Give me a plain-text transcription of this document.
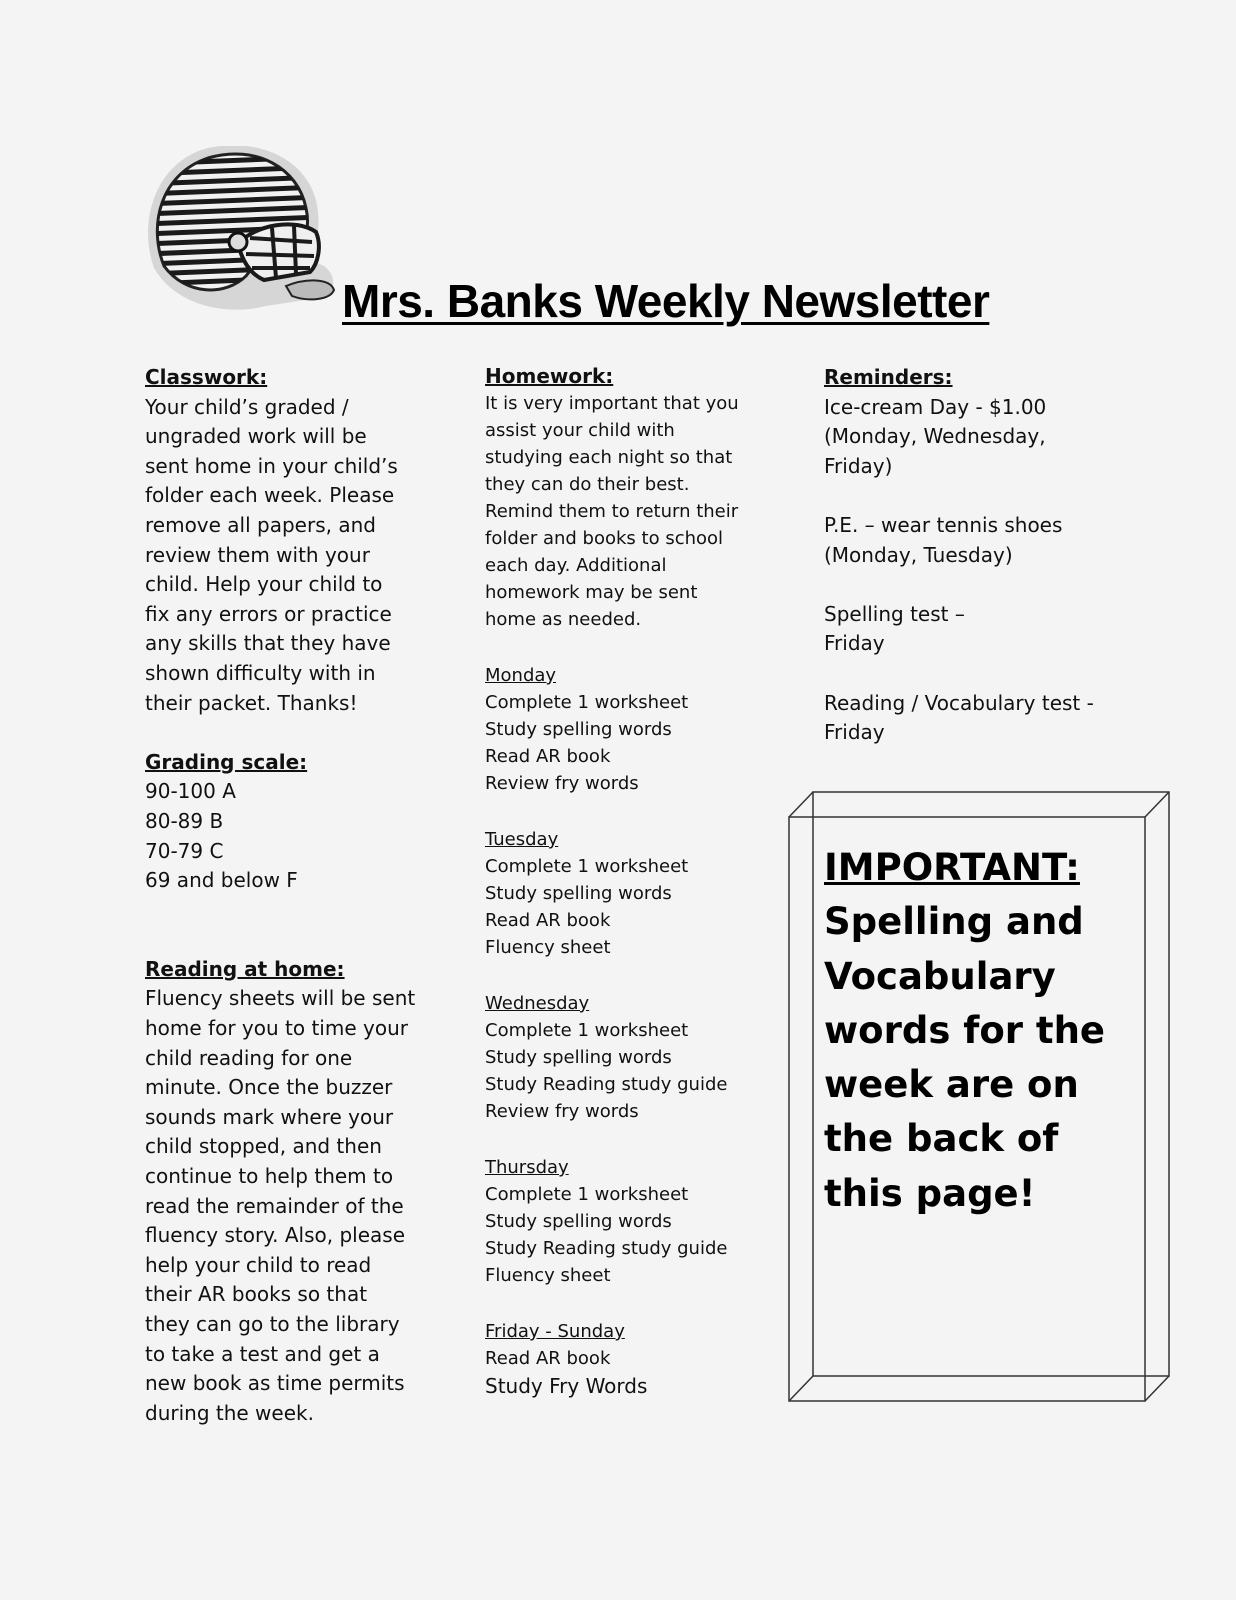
Mrs. Banks Weekly Newsletter
Classwork:
Your child’s graded /
ungraded work will be
sent home in your child’s
folder each week. Please
remove all papers, and
review them with your
child. Help your child to
fix any errors or practice
any skills that they have
shown difficulty with in
their packet. Thanks!
Grading scale:
90-100 A
80-89 B
70-79 C
69 and below F
Reading at home:
Fluency sheets will be sent
home for you to time your
child reading for one
minute. Once the buzzer
sounds mark where your
child stopped, and then
continue to help them to
read the remainder of the
fluency story. Also, please
help your child to read
their AR books so that
they can go to the library
to take a test and get a
new book as time permits
during the week.
Homework:
It is very important that you
assist your child with
studying each night so that
they can do their best.
Remind them to return their
folder and books to school
each day. Additional
homework may be sent
home as needed.
Monday
Complete 1 worksheet
Study spelling words
Read AR book
Review fry words
Tuesday
Complete 1 worksheet
Study spelling words
Read AR book
Fluency sheet
Wednesday
Complete 1 worksheet
Study spelling words
Study Reading study guide
Review fry words
Thursday
Complete 1 worksheet
Study spelling words
Study Reading study guide
Fluency sheet
Friday - Sunday
Read AR book
Study Fry Words
Reminders:
Ice-cream Day - $1.00
(Monday, Wednesday,
Friday)
P.E. – wear tennis shoes
(Monday, Tuesday)
Spelling test –
Friday
Reading / Vocabulary test -
Friday
IMPORTANT:
Spelling and
Vocabulary
words for the
week are on
the back of
this page!
